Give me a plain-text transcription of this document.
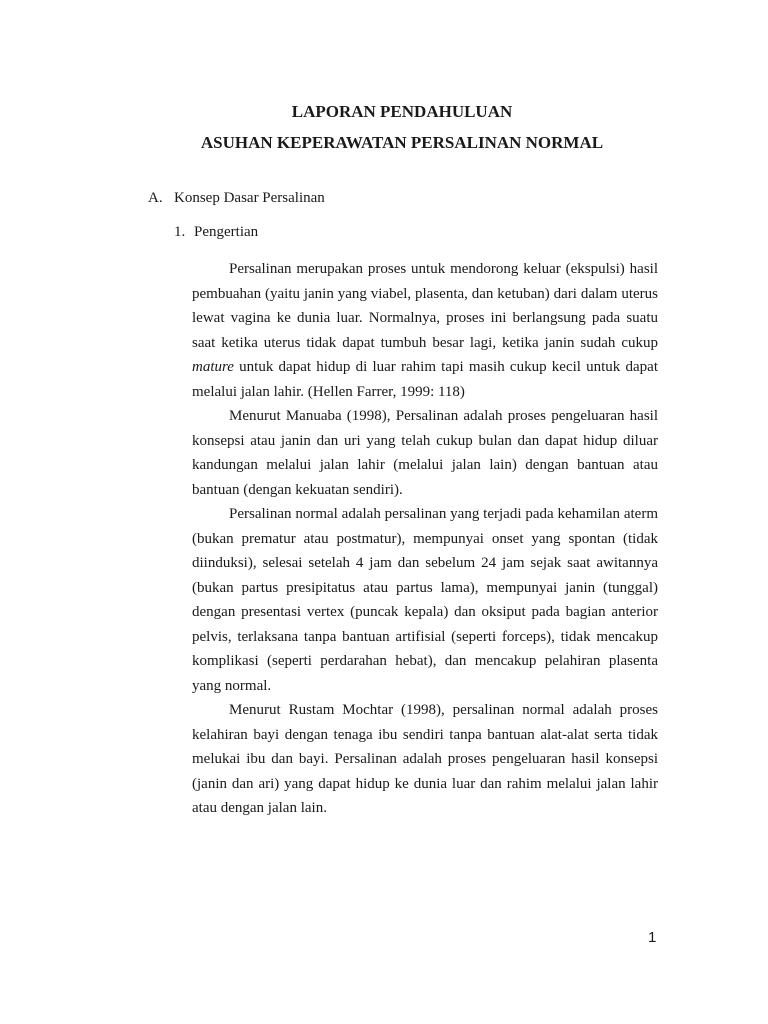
LAPORAN PENDAHULUAN
ASUHAN KEPERAWATAN PERSALINAN NORMAL
A. Konsep Dasar Persalinan
1. Pengertian

Persalinan merupakan proses untuk mendorong keluar (ekspulsi) hasil pembuahan (yaitu janin yang viabel, plasenta, dan ketuban) dari dalam uterus lewat vagina ke dunia luar. Normalnya, proses ini berlangsung pada suatu saat ketika uterus tidak dapat tumbuh besar lagi, ketika janin sudah cukup mature untuk dapat hidup di luar rahim tapi masih cukup kecil untuk dapat melalui jalan lahir. (Hellen Farrer, 1999: 118)

Menurut Manuaba (1998), Persalinan adalah proses pengeluaran hasil konsepsi atau janin dan uri yang telah cukup bulan dan dapat hidup diluar kandungan melalui jalan lahir (melalui jalan lain) dengan bantuan atau bantuan (dengan kekuatan sendiri).

Persalinan normal adalah persalinan yang terjadi pada kehamilan aterm (bukan prematur atau postmatur), mempunyai onset yang spontan (tidak diinduksi), selesai setelah 4 jam dan sebelum 24 jam sejak saat awitannya (bukan partus presipitatus atau partus lama), mempunyai janin (tunggal) dengan presentasi vertex (puncak kepala) dan oksiput pada bagian anterior pelvis, terlaksana tanpa bantuan artifisial (seperti forceps), tidak mencakup komplikasi (seperti perdarahan hebat), dan mencakup pelahiran plasenta yang normal.

Menurut Rustam Mochtar (1998), persalinan normal adalah proses kelahiran bayi dengan tenaga ibu sendiri tanpa bantuan alat-alat serta tidak melukai ibu dan bayi. Persalinan adalah proses pengeluaran hasil konsepsi (janin dan ari) yang dapat hidup ke dunia luar dan rahim melalui jalan lahir atau dengan jalan lain.

1
